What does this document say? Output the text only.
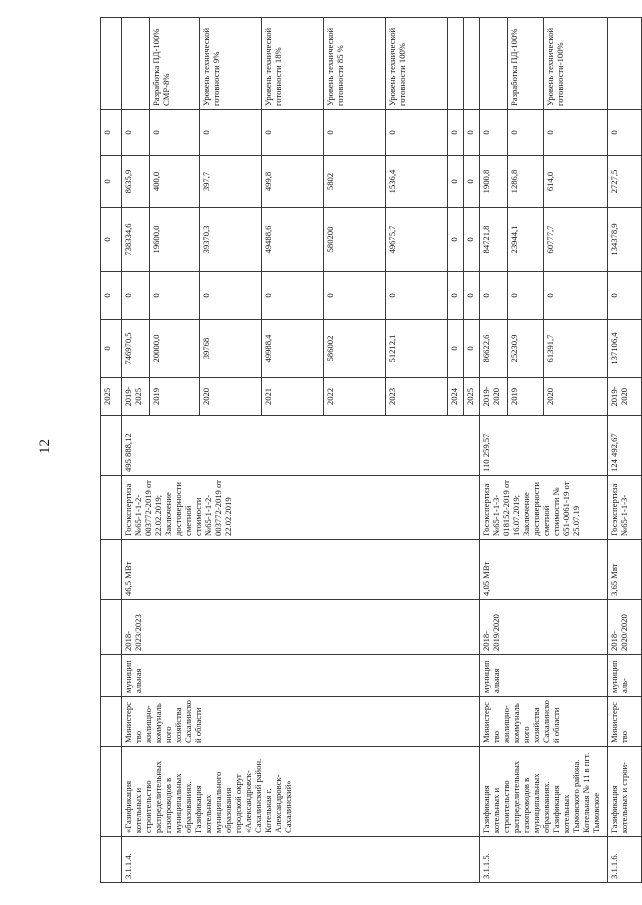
12
								2025	0	0	0	0	0	
3.1.1.4.	«Газификация котельных и строительство распределительных газопроводов в муниципальных образованиях. Газификация котельных муниципального образования городской округ «Александровск-Сахалинский район. Котельная г. Александровск-Сахалинский»	Министерство жилищно-коммунального хозяйства Сахалинской области	муниципальная	2018-2023/2023	46,5 МВт	Госэкспертиза №65-1-1-2-003772-2019 от 22.02.2019; Заключение достоверности сметной стоимости №65-1-1-2-003772-2019 от 22.02.2019	495 888,12	2019-2025	746970,5	0	738334,6	8635,9	0	
								2019	20000,0	0	19600,0	400,0	0	Разработка ПД-100% СМР-8%
								2020	39768	0	39370,3	397,7	0	Уровень технической готовности 9%
								2021	49988,4	0	49488,6	499,8	0	Уровень технической готовности 18%
								2022	586002	0	580200	5802	0	Уровень технической готовности 85 %
								2023	51212,1	0	49675,7	1536,4	0	Уровень технической готовности 100%
								2024	0	0	0	0	0	
								2025	0	0	0	0	0	
3.1.1.5.	Газификация котельных и строительство распределительных газопроводов в муниципальных образованиях. Газификация котельных Тымовского района. Котельная № 11 в пгт. Тымовское	Министерство жилищно-коммунального хозяйства Сахалинской области	муниципальная	2018-2019/2020	4,05 МВт	Госэкспертиза №65-1-1-3-018152-2019 от 16.07.2019; Заключение достоверности сметной стоимости № 651-0061-19 от 25.07.19	110 259,57	2019-2020	86622,6	0	84721,8	1900,8	0	
								2019	25230,9	0	23944,1	1286,8	0	Разработка ПД-100%
								2020	61391,7	0	60777,7	614,0	0	Уровень технической готовности-100%
3.1.1.6.	Газификация котельных и строи-	Министерство	муниципаль-	2018-2020/2020	3,65 Мвт	Госэкспертиза №65-1-1-3-	124 492,67	2019-2020	137106,4	0	134378,9	2727,5	0	
